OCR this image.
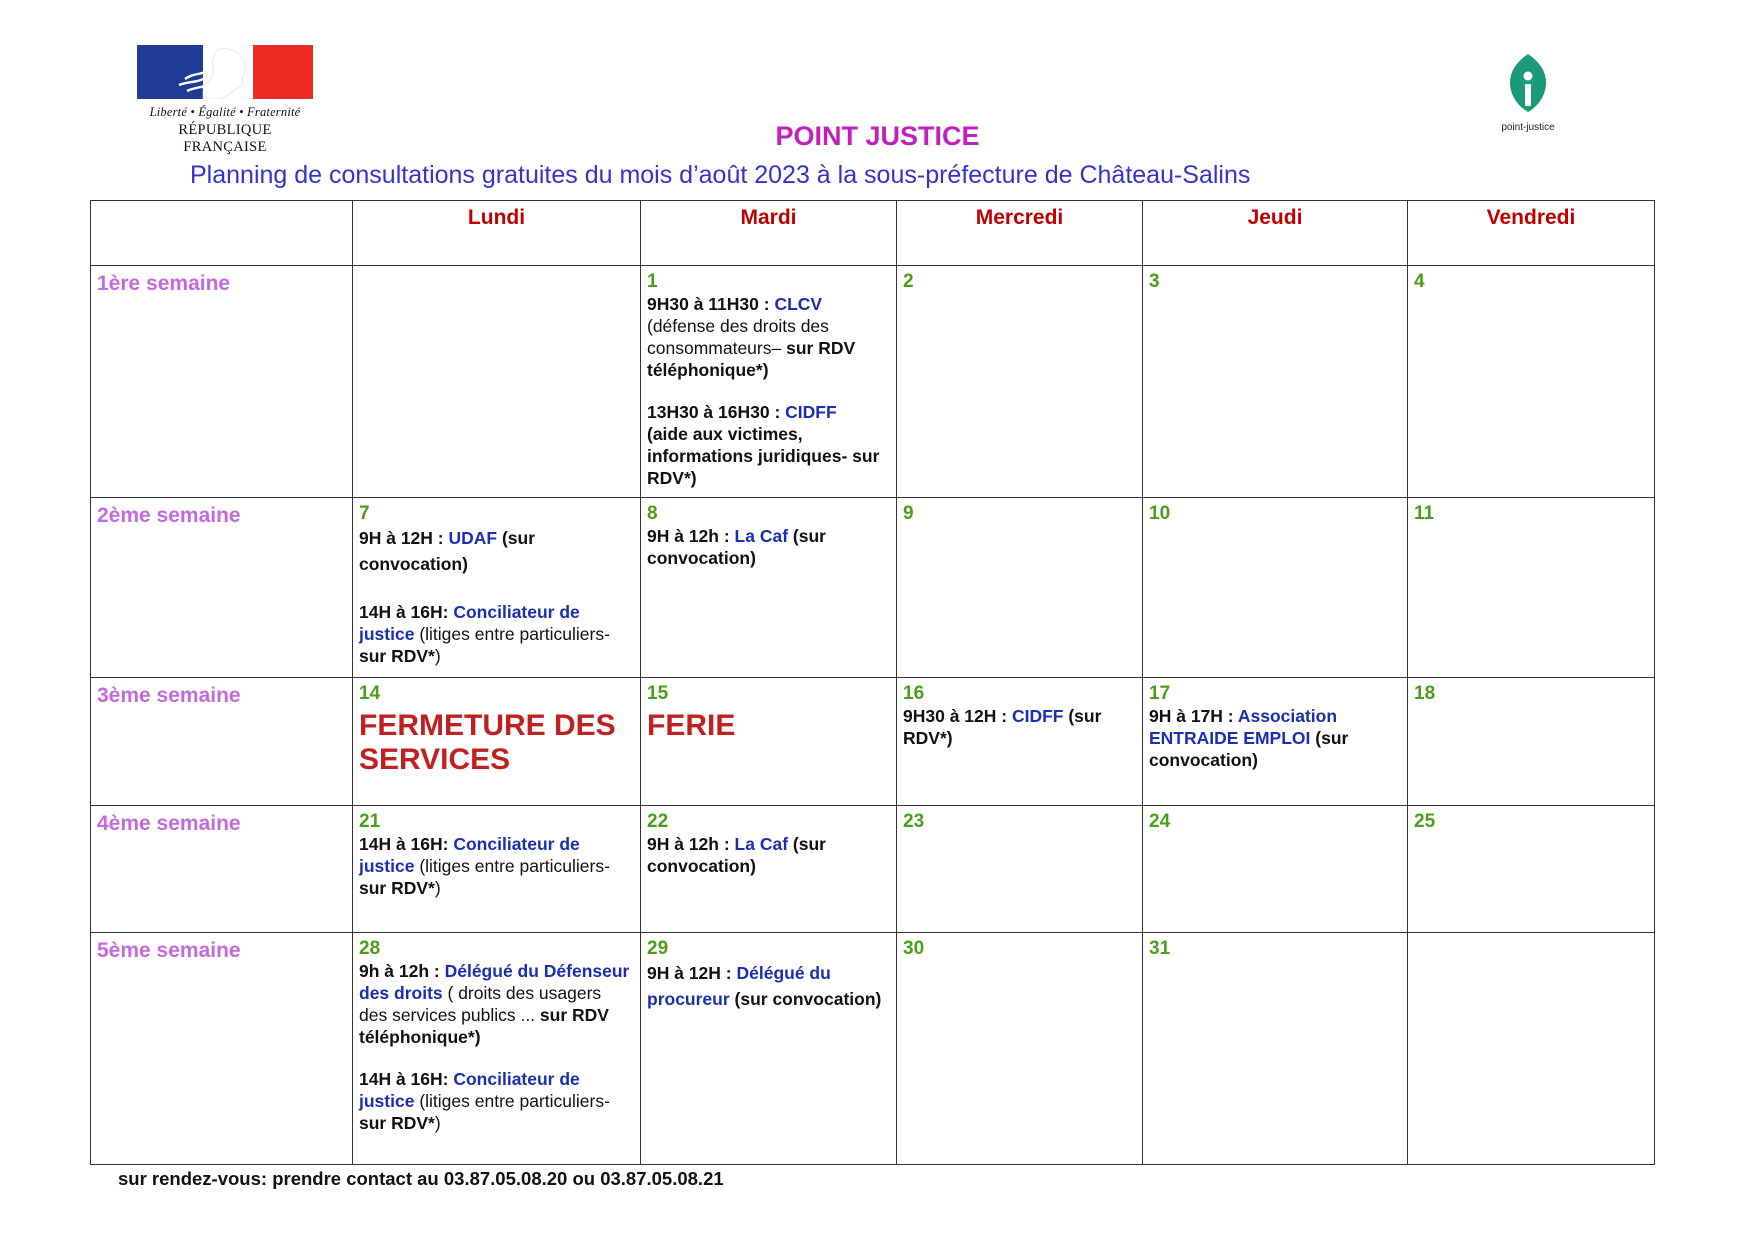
Liberté • Égalité • Fraternité
RÉPUBLIQUE FRANÇAISE
point-justice
POINT JUSTICE
Planning de consultations gratuites du mois d’août 2023 à la sous-préfecture de Château-Salins
	Lundi	Mardi	Mercredi	Jeudi	Vendredi
1ère semaine		1
9H30 à 11H30 : CLCV
(défense des droits des consommateurs– sur RDV téléphonique*)
13H30 à 16H30 : CIDFF
(aide aux victimes, informations juridiques- sur RDV*)	2	3	4

2ème semaine	7
9H à 12H : UDAF (sur convocation)
14H à 16H: Conciliateur de justice (litiges entre particuliers- sur RDV*)	8
9H à 12h : La Caf (sur convocation)	9	10	11

3ème semaine	14
FERMETURE DES SERVICES	15
FERIE	16
9H30 à 12H : CIDFF (sur RDV*)	17
9H à 17H : Association ENTRAIDE EMPLOI (sur convocation)	18

4ème semaine	21
14H à 16H: Conciliateur de justice (litiges entre particuliers- sur RDV*)	22
9H à 12h : La Caf (sur convocation)	23	24	25

5ème semaine	28
9h à 12h : Délégué du Défenseur des droits ( droits des usagers des services publics ... sur RDV téléphonique*)
14H à 16H: Conciliateur de justice (litiges entre particuliers- sur RDV*)	29
9H à 12H : Délégué du procureur (sur convocation)	30	31	

sur rendez-vous: prendre contact au 03.87.05.08.20 ou 03.87.05.08.21
